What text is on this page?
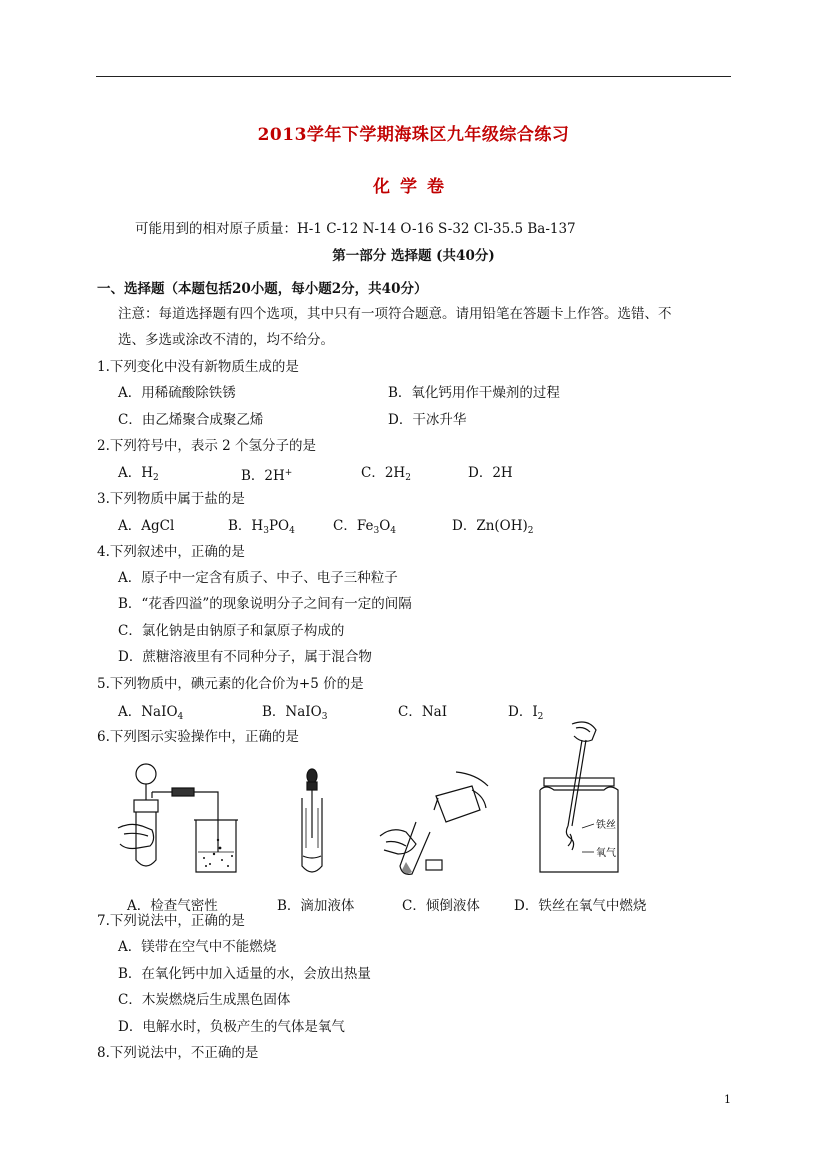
2013学年下学期海珠区九年级综合练习
化学卷
可能用到的相对原子质量：H-1 C-12 N-14 O-16 S-32 Cl-35.5 Ba-137
第一部分 选择题 (共40分)
一、选择题（本题包括20小题，每小题2分，共40分）
注意：每道选择题有四个选项，其中只有一项符合题意。请用铅笔在答题卡上作答。选错、不
选、多选或涂改不清的，均不给分。
1.下列变化中没有新物质生成的是
A．用稀硫酸除铁锈	B．氧化钙用作干燥剂的过程
C．由乙烯聚合成聚乙烯	D．干冰升华
2.下列符号中，表示 2 个氢分子的是
A．$H_2$	B．2H+	C．$2H_2$	D．2H
3.下列物质中属于盐的是
A．AgCl	B．$H_3PO_4$	C．$Fe_3O_4$	D．$Zn(OH)_2$
4.下列叙述中，正确的是
A．原子中一定含有质子、中子、电子三种粒子
B．“花香四溢”的现象说明分子之间有一定的间隔
C．氯化钠是由钠原子和氯原子构成的
D．蔗糖溶液里有不同种分子，属于混合物
5.下列物质中，碘元素的化合价为+5 价的是
A．NaIO$_4$	B．NaIO$_3$	C．NaI	D．$I_2$
6.下列图示实验操作中，正确的是
铁丝
氧气
A．检查气密性	B．滴加液体	C．倾倒液体	D．铁丝在氧气中燃烧
7.下列说法中，正确的是
A．镁带在空气中不能燃烧
B．在氧化钙中加入适量的水，会放出热量
C．木炭燃烧后生成黑色固体
D．电解水时，负极产生的气体是氧气
8.下列说法中，不正确的是
1
